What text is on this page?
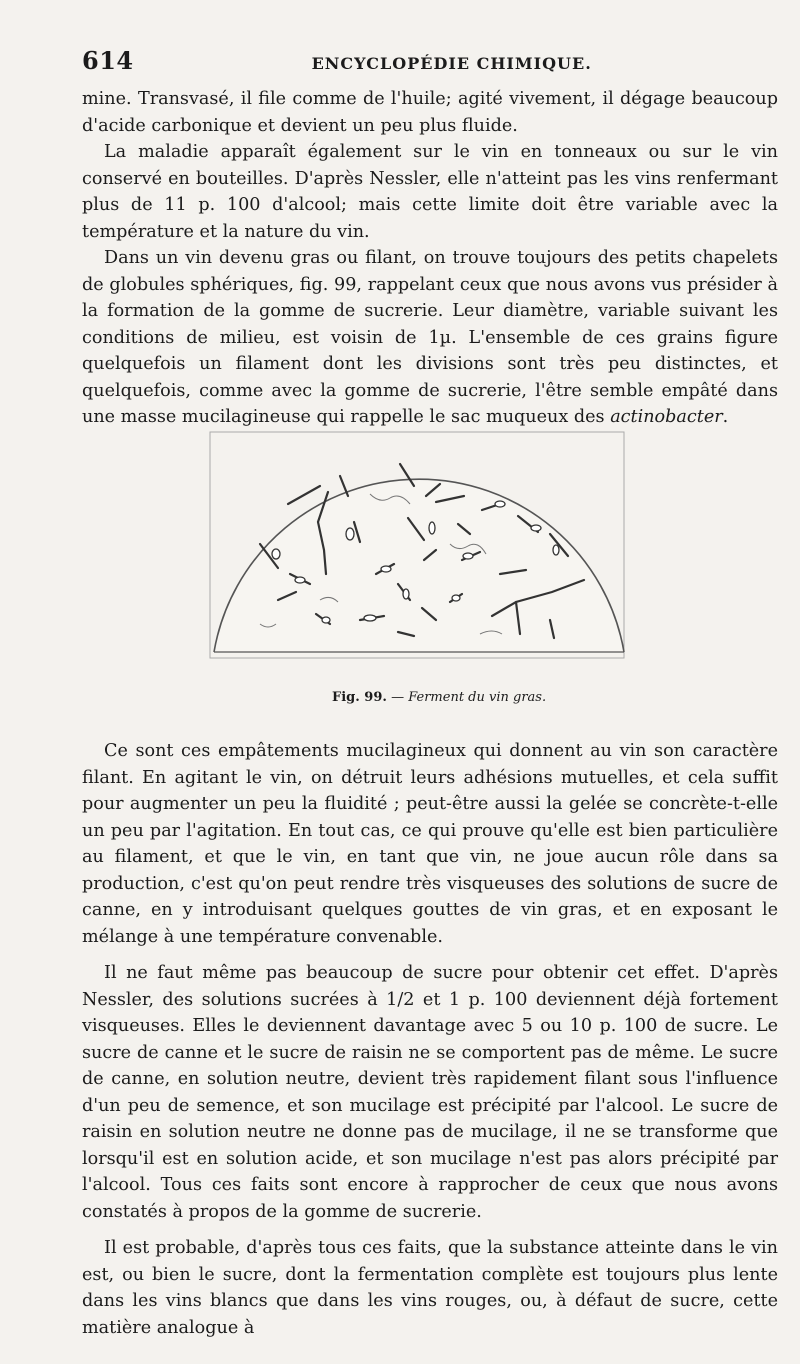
614	ENCYCLOPÉDIE CHIMIQUE.

mine. Transvasé, il file comme de l'huile; agité vivement, il dégage beaucoup d'acide carbonique et devient un peu plus fluide.

La maladie apparaît également sur le vin en tonneaux ou sur le vin conservé en bouteilles. D'après Nessler, elle n'atteint pas les vins renfermant plus de 11 p. 100 d'alcool; mais cette limite doit être variable avec la température et la nature du vin.

Dans un vin devenu gras ou filant, on trouve toujours des petits chapelets de globules sphériques, fig. 99, rappelant ceux que nous avons vus présider à la formation de la gomme de sucrerie. Leur diamètre, variable suivant les conditions de milieu, est voisin de 1µ. L'ensemble de ces grains figure quelquefois un filament dont les divisions sont très peu distinctes, et quelquefois, comme avec la gomme de sucrerie, l'être semble empâté dans une masse mucilagineuse qui rappelle le sac muqueux des actinobacter.

Fig. 99. — Ferment du vin gras.

Ce sont ces empâtements mucilagineux qui donnent au vin son caractère filant. En agitant le vin, on détruit leurs adhésions mutuelles, et cela suffit pour augmenter un peu la fluidité ; peut-être aussi la gelée se concrète-t-elle un peu par l'agitation. En tout cas, ce qui prouve qu'elle est bien particulière au filament, et que le vin, en tant que vin, ne joue aucun rôle dans sa production, c'est qu'on peut rendre très visqueuses des solutions de sucre de canne, en y introduisant quelques gouttes de vin gras, et en exposant le mélange à une température convenable.

Il ne faut même pas beaucoup de sucre pour obtenir cet effet. D'après Nessler, des solutions sucrées à 1/2 et 1 p. 100 deviennent déjà fortement visqueuses. Elles le deviennent davantage avec 5 ou 10 p. 100 de sucre. Le sucre de canne et le sucre de raisin ne se comportent pas de même. Le sucre de canne, en solution neutre, devient très rapidement filant sous l'influence d'un peu de semence, et son mucilage est précipité par l'alcool. Le sucre de raisin en solution neutre ne donne pas de mucilage, il ne se transforme que lorsqu'il est en solution acide, et son mucilage n'est pas alors précipité par l'alcool. Tous ces faits sont encore à rapprocher de ceux que nous avons constatés à propos de la gomme de sucrerie.

Il est probable, d'après tous ces faits, que la substance atteinte dans le vin est, ou bien le sucre, dont la fermentation complète est toujours plus lente dans les vins blancs que dans les vins rouges, ou, à défaut de sucre, cette matière analogue à
